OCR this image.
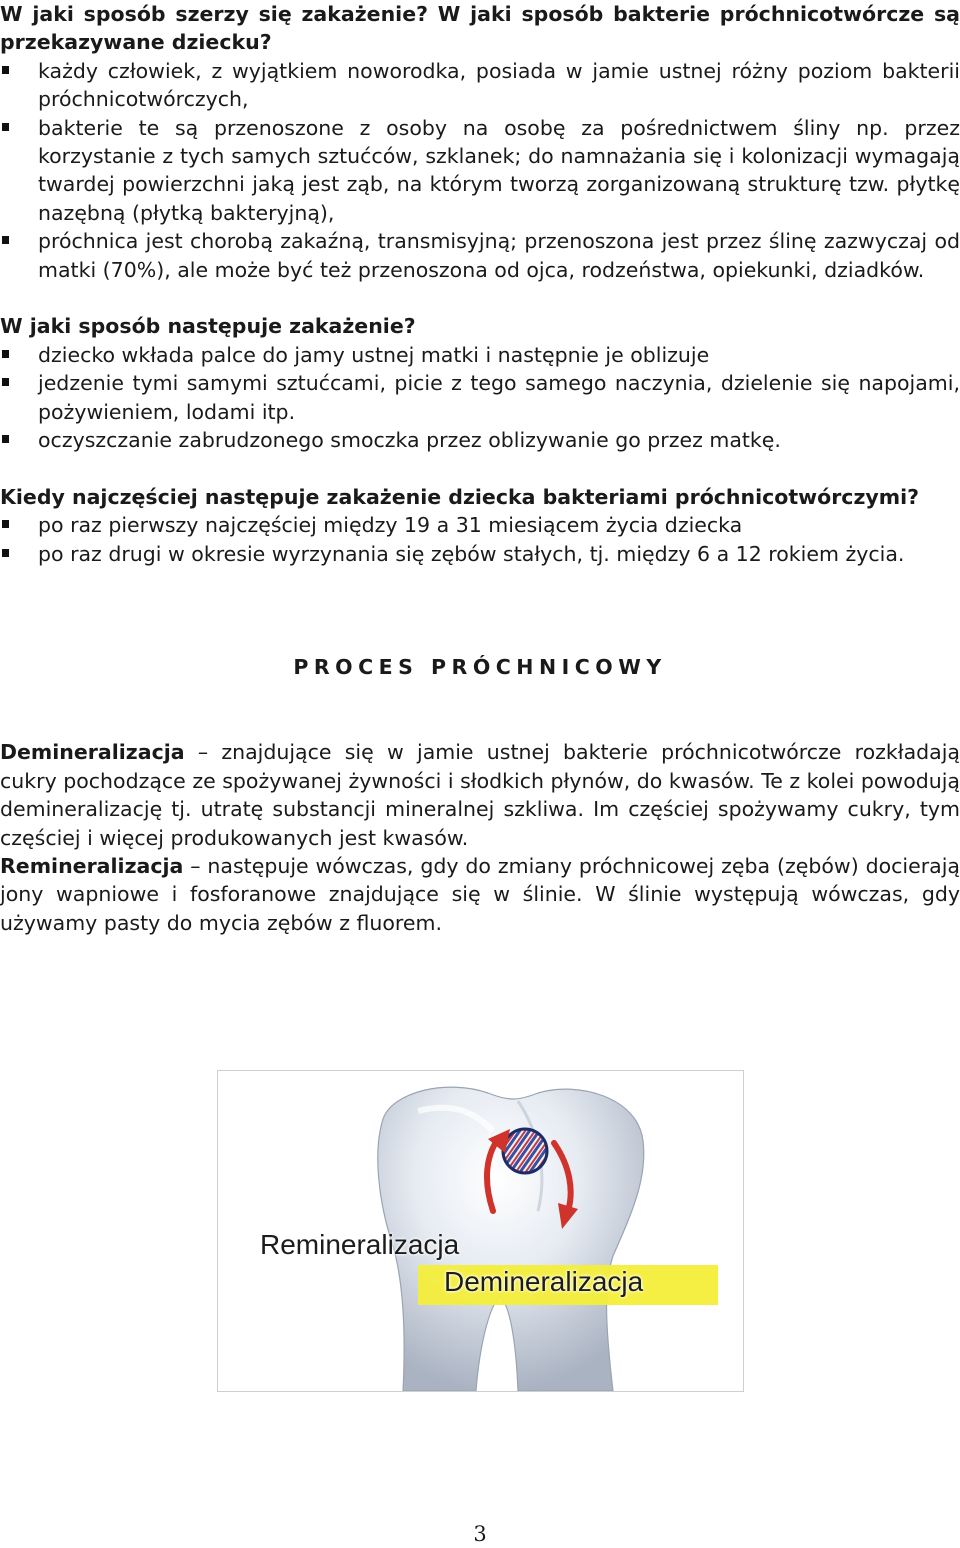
W jaki sposób szerzy się zakażenie? W jaki sposób bakterie próchnicotwórcze są przekazywane dziecku?

każdy człowiek, z wyjątkiem noworodka, posiada w jamie ustnej różny poziom bakterii próchnicotwórczych,
bakterie te są przenoszone z osoby na osobę za pośrednictwem śliny np. przez korzystanie z tych samych sztućców, szklanek; do namnażania się i kolonizacji wymagają twardej powierzchni jaką jest ząb, na którym tworzą zorganizowaną strukturę tzw. płytkę nazębną (płytką bakteryjną),
próchnica jest chorobą zakaźną, transmisyjną; przenoszona jest przez ślinę zazwyczaj od matki (70%), ale może być też przenoszona od ojca, rodzeństwa, opiekunki, dziadków.

W jaki sposób następuje zakażenie?

dziecko wkłada palce do jamy ustnej matki i następnie je oblizuje
jedzenie tymi samymi sztućcami, picie z tego samego naczynia, dzielenie się napojami, pożywieniem, lodami itp.
oczyszczanie zabrudzonego smoczka przez oblizywanie go przez matkę.

Kiedy najczęściej następuje zakażenie dziecka bakteriami próchnicotwórczymi?

po raz pierwszy najczęściej między 19 a 31 miesiącem życia dziecka
po raz drugi w okresie wyrzynania się zębów stałych, tj. między 6 a 12 rokiem życia.

PROCES PRÓCHNICOWY

Demineralizacja – znajdujące się w jamie ustnej bakterie próchnicotwórcze rozkładają cukry pochodzące ze spożywanej żywności i słodkich płynów, do kwasów. Te z kolei powodują demineralizację tj. utratę substancji mineralnej szkliwa. Im częściej spożywamy cukry, tym częściej i więcej produkowanych jest kwasów.

Remineralizacja – następuje wówczas, gdy do zmiany próchnicowej zęba (zębów) docierają jony wapniowe i fosforanowe znajdujące się w ślinie. W ślinie występują wówczas, gdy używamy pasty do mycia zębów z fluorem.

Remineralizacja
Demineralizacja
3
